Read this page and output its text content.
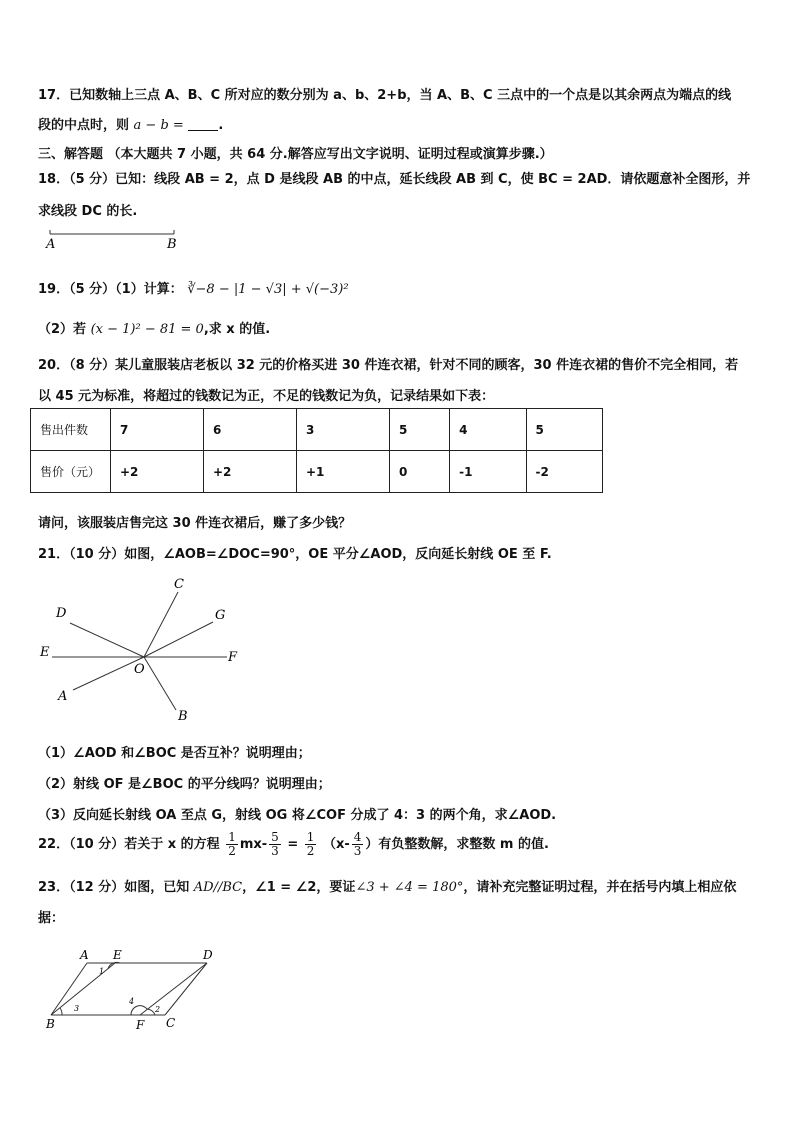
17．已知数轴上三点 A、B、C 所对应的数分别为 a、b、2+b，当 A、B、C 三点中的一个点是以其余两点为端点的线
段的中点时，则 a − b =	.
三、解答题 （本大题共 7 小题，共 64 分.解答应写出文字说明、证明过程或演算步骤.）
18．（5 分）已知：线段 AB = 2，点 D 是线段 AB 的中点，延长线段 AB 到 C，使 BC = 2AD．请依题意补全图形，并
求线段 DC 的长.
A	B
19．（5 分）（1）计算： ∛−8 − |1 − √3| + √(−3)²
（2）若 (x − 1)² − 81 = 0,求 x 的值.
20．（8 分）某儿童服装店老板以 32 元的价格买进 30 件连衣裙，针对不同的顾客，30 件连衣裙的售价不完全相同，若
以 45 元为标准，将超过的钱数记为正，不足的钱数记为负，记录结果如下表：
售出件数	7	6	3	5	4	5
售价（元）	+2	+2	+1	0	-1	-2
请问，该服装店售完这 30 件连衣裙后，赚了多少钱？
21．（10 分）如图，∠AOB=∠DOC=90°，OE 平分∠AOD，反向延长射线 OE 至 F.
C
D	G
E	F
O
A
B
（1）∠AOD 和∠BOC 是否互补？说明理由；
（2）射线 OF 是∠BOC 的平分线吗？说明理由；
（3）反向延长射线 OA 至点 G，射线 OG 将∠COF 分成了 4：3 的两个角，求∠AOD.
22．（10 分）若关于 x 的方程 $\frac{1}{2} mx- \frac{5}{3} = \frac{1}{2} (x- \frac{4}{3}$ ）有负整数解，求整数 m 的值.
23．（12 分）如图，已知 AD//BC，∠1 = ∠2，要证∠3 + ∠4 = 180°，请补充完整证明过程，并在括号内填上相应依
据：
A E	D
B	F C
1
2
3
4
